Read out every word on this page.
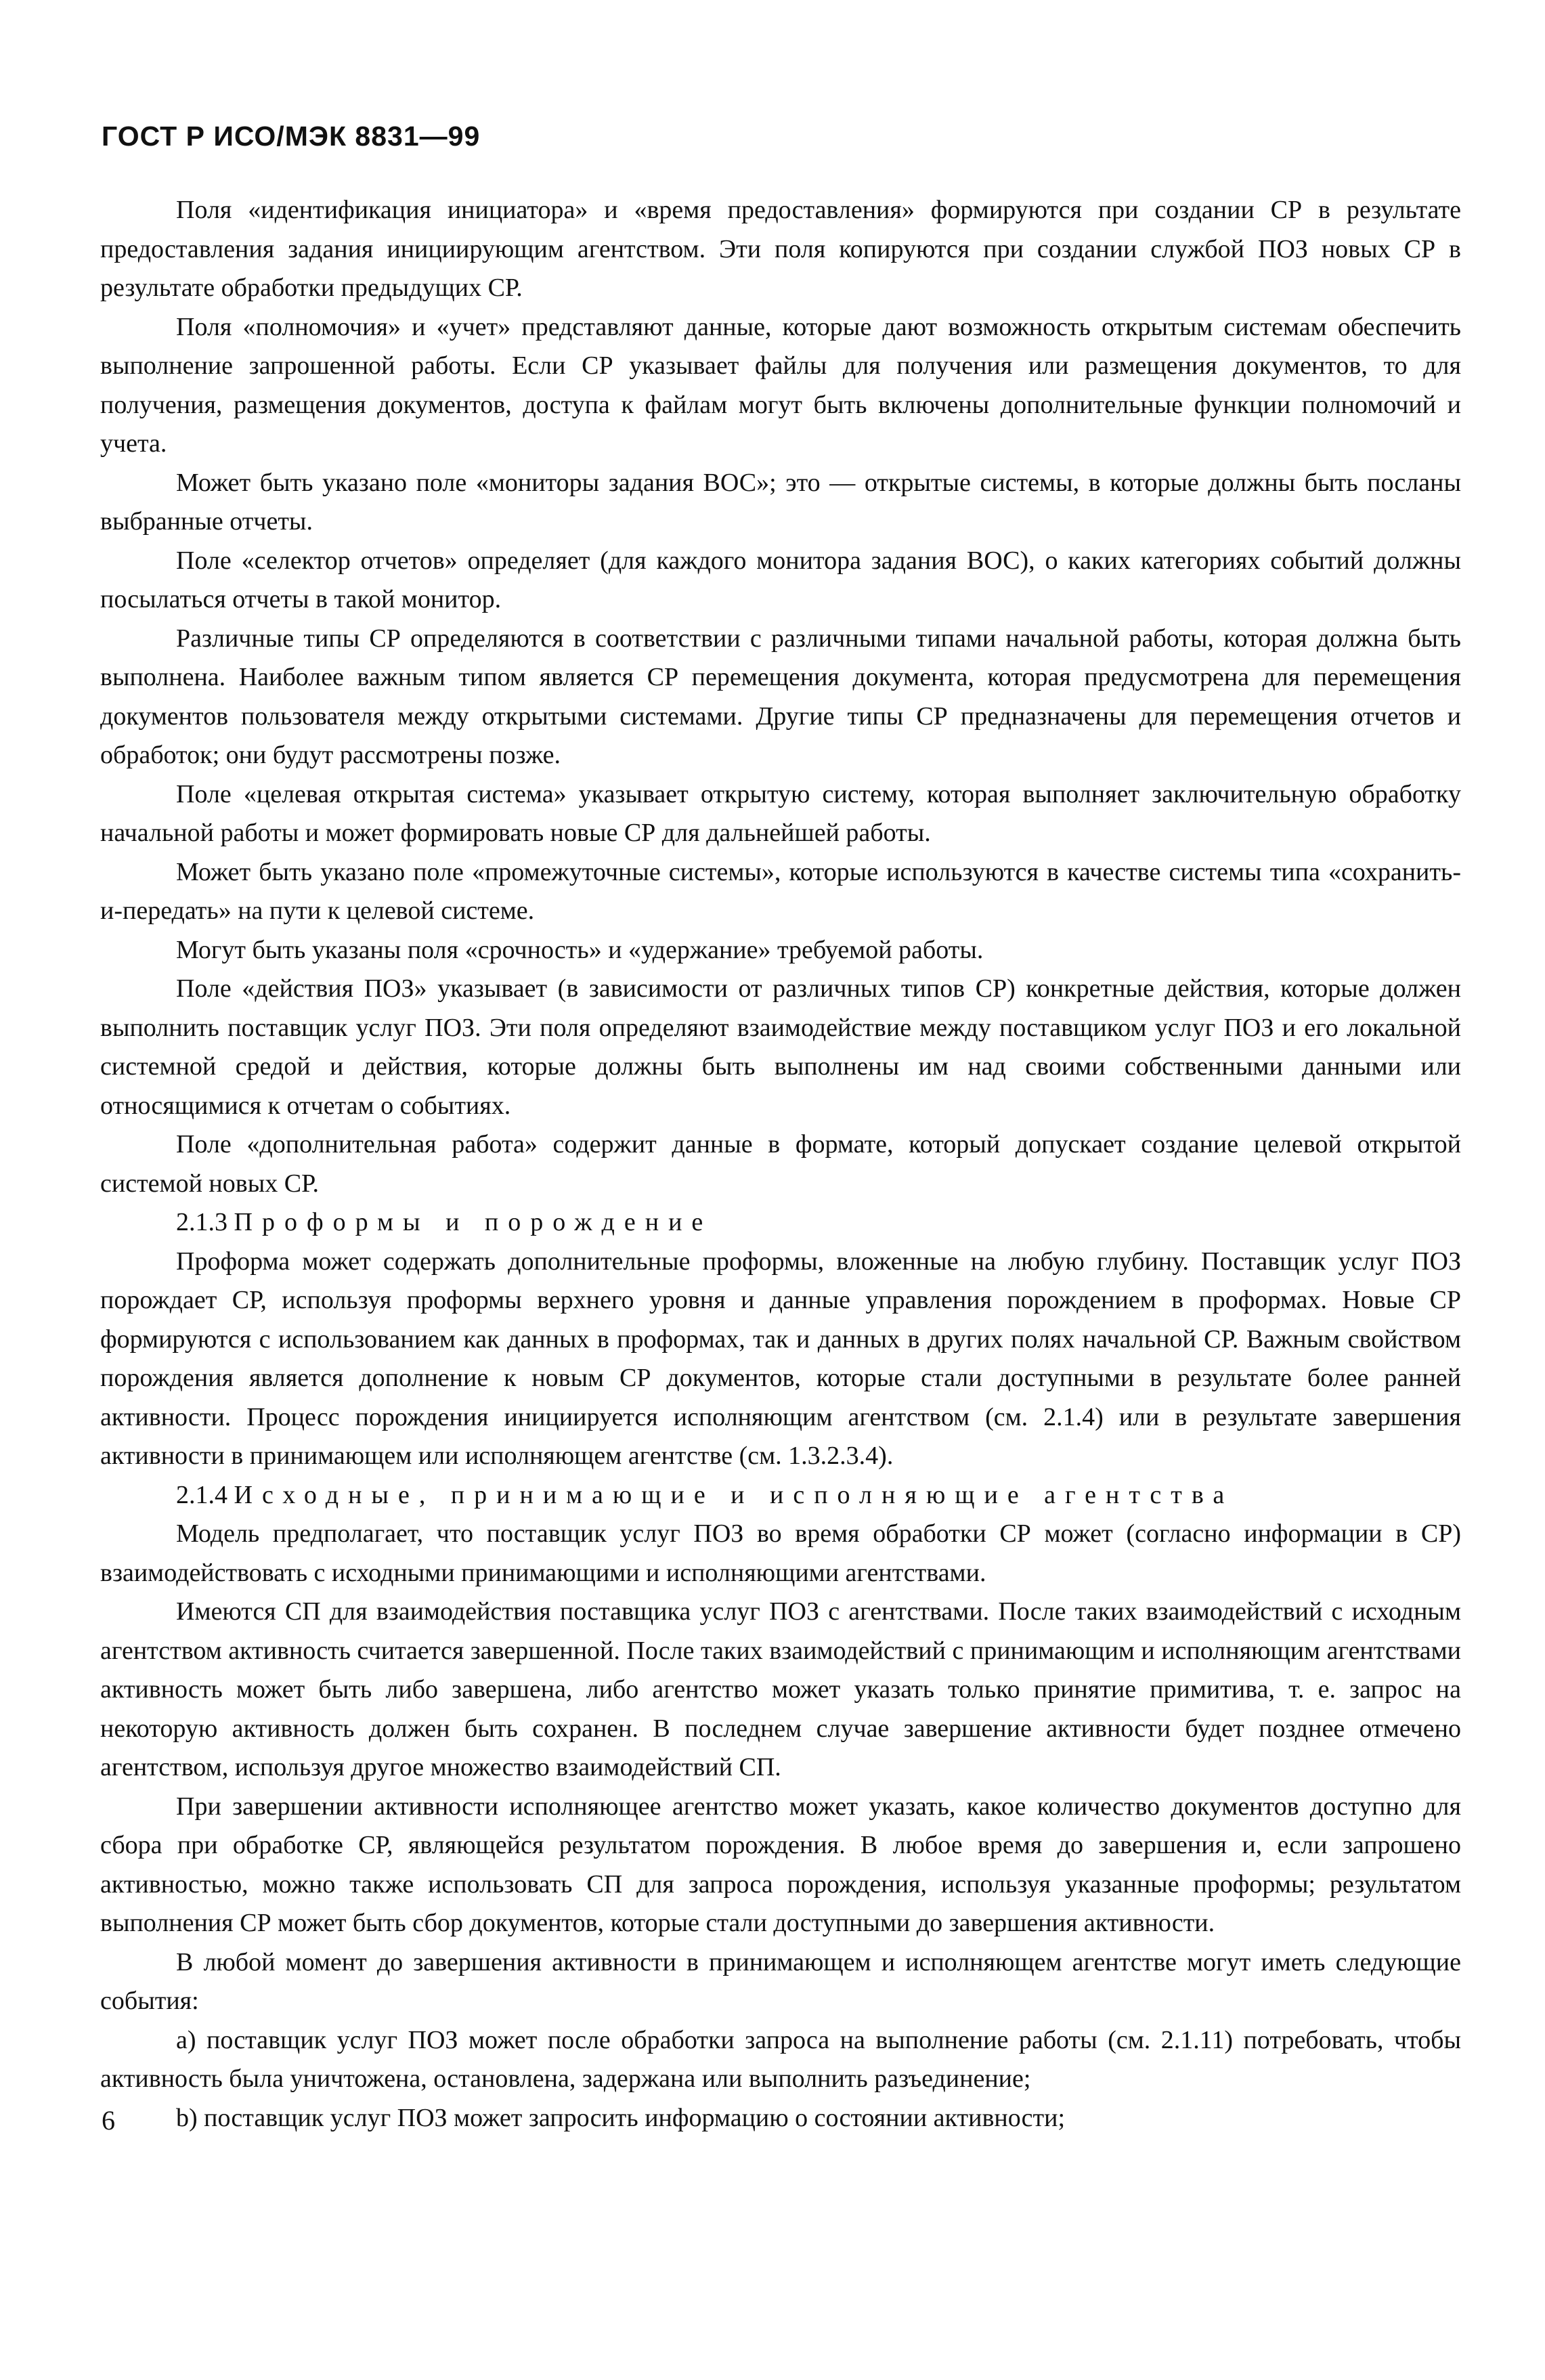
ГОСТ Р ИСО/МЭК 8831—99

Поля «идентификация инициатора» и «время предоставления» формируются при создании СР в результате предоставления задания инициирующим агентством. Эти поля копируются при создании службой ПОЗ новых СР в результате обработки предыдущих СР.

Поля «полномочия» и «учет» представляют данные, которые дают возможность открытым системам обеспечить выполнение запрошенной работы. Если СР указывает файлы для получения или размещения документов, то для получения, размещения документов, доступа к файлам могут быть включены дополнительные функции полномочий и учета.

Может быть указано поле «мониторы задания ВОС»; это — открытые системы, в которые должны быть посланы выбранные отчеты.

Поле «селектор отчетов» определяет (для каждого монитора задания ВОС), о каких категориях событий должны посылаться отчеты в такой монитор.

Различные типы СР определяются в соответствии с различными типами начальной работы, которая должна быть выполнена. Наиболее важным типом является СР перемещения документа, которая предусмотрена для перемещения документов пользователя между открытыми системами. Другие типы СР предназначены для перемещения отчетов и обработок; они будут рассмотрены позже.

Поле «целевая открытая система» указывает открытую систему, которая выполняет заключительную обработку начальной работы и может формировать новые СР для дальнейшей работы.

Может быть указано поле «промежуточные системы», которые используются в качестве системы типа «сохранить-и-передать» на пути к целевой системе.

Могут быть указаны поля «срочность» и «удержание» требуемой работы.

Поле «действия ПОЗ» указывает (в зависимости от различных типов СР) конкретные действия, которые должен выполнить поставщик услуг ПОЗ. Эти поля определяют взаимодействие между поставщиком услуг ПОЗ и его локальной системной средой и действия, которые должны быть выполнены им над своими собственными данными или относящимися к отчетам о событиях.

Поле «дополнительная работа» содержит данные в формате, который допускает создание целевой открытой системой новых СР.

2.1.3 Проформы и порождение

Проформа может содержать дополнительные проформы, вложенные на любую глубину. Поставщик услуг ПОЗ порождает СР, используя проформы верхнего уровня и данные управления порождением в проформах. Новые СР формируются с использованием как данных в проформах, так и данных в других полях начальной СР. Важным свойством порождения является дополнение к новым СР документов, которые стали доступными в результате более ранней активности. Процесс порождения инициируется исполняющим агентством (см. 2.1.4) или в результате завершения активности в принимающем или исполняющем агентстве (см. 1.3.2.3.4).

2.1.4 Исходные, принимающие и исполняющие агентства

Модель предполагает, что поставщик услуг ПОЗ во время обработки СР может (согласно информации в СР) взаимодействовать с исходными принимающими и исполняющими агентствами.

Имеются СП для взаимодействия поставщика услуг ПОЗ с агентствами. После таких взаимодействий с исходным агентством активность считается завершенной. После таких взаимодействий с принимающим и исполняющим агентствами активность может быть либо завершена, либо агентство может указать только принятие примитива, т. е. запрос на некоторую активность должен быть сохранен. В последнем случае завершение активности будет позднее отмечено агентством, используя другое множество взаимодействий СП.

При завершении активности исполняющее агентство может указать, какое количество документов доступно для сбора при обработке СР, являющейся результатом порождения. В любое время до завершения и, если запрошено активностью, можно также использовать СП для запроса порождения, используя указанные проформы; результатом выполнения СР может быть сбор документов, которые стали доступными до завершения активности.

В любой момент до завершения активности в принимающем и исполняющем агентстве могут иметь следующие события:

а) поставщик услуг ПОЗ может после обработки запроса на выполнение работы (см. 2.1.11) потребовать, чтобы активность была уничтожена, остановлена, задержана или выполнить разъединение;

b) поставщик услуг ПОЗ может запросить информацию о состоянии активности;

6
